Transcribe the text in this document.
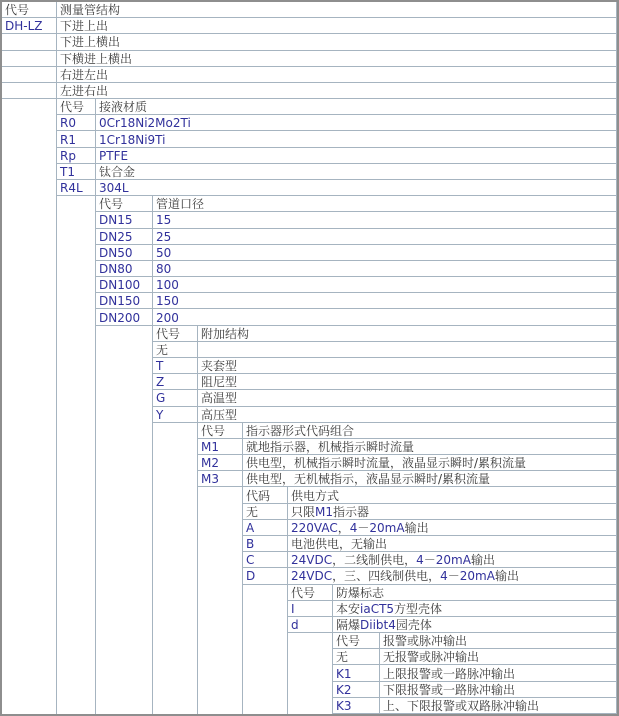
代号	测量管结构
DH-LZ 下进上出
下进上横出
下横进上横出
右进左出
左进右出
代号	接液材质
R0 0Cr18Ni2Mo2Ti
R1 1Cr18Ni9Ti
Rp PTFE
T1 钛合金
R4L 304L
代号	管道口径
DN15 15
DN25 25
DN50 50
DN80 80
DN100 100
DN150 150
DN200 200
代号	附加结构
无
T	夹套型
Z	阻尼型
G	高温型
Y	高压型
代号	指示器形式代码组合
M1 就地指示器，机械指示瞬时流量
M2 供电型，机械指示瞬时流量，液晶显示瞬时/累积流量
M3 供电型，无机械指示，液晶显示瞬时/累积流量
代码	供电方式
无	只限 M1 指示器
A	220VAC ， 4 － 20mA 输出
B	电池供电，无输出
C	24VDC ，二线制供电， 4 － 20mA 输出
D	24VDC ，三、四线制供电， 4 － 20mA 输出
代号	防爆标志
I	本安 iaCT5 方型壳体
d	隔爆 Diibt4 园壳体
代号	报警或脉冲输出
无	无报警或脉冲输出
K1	上限报警或一路脉冲输出
K2	下限报警或一路脉冲输出
K3	上、下限报警或双路脉冲输出
